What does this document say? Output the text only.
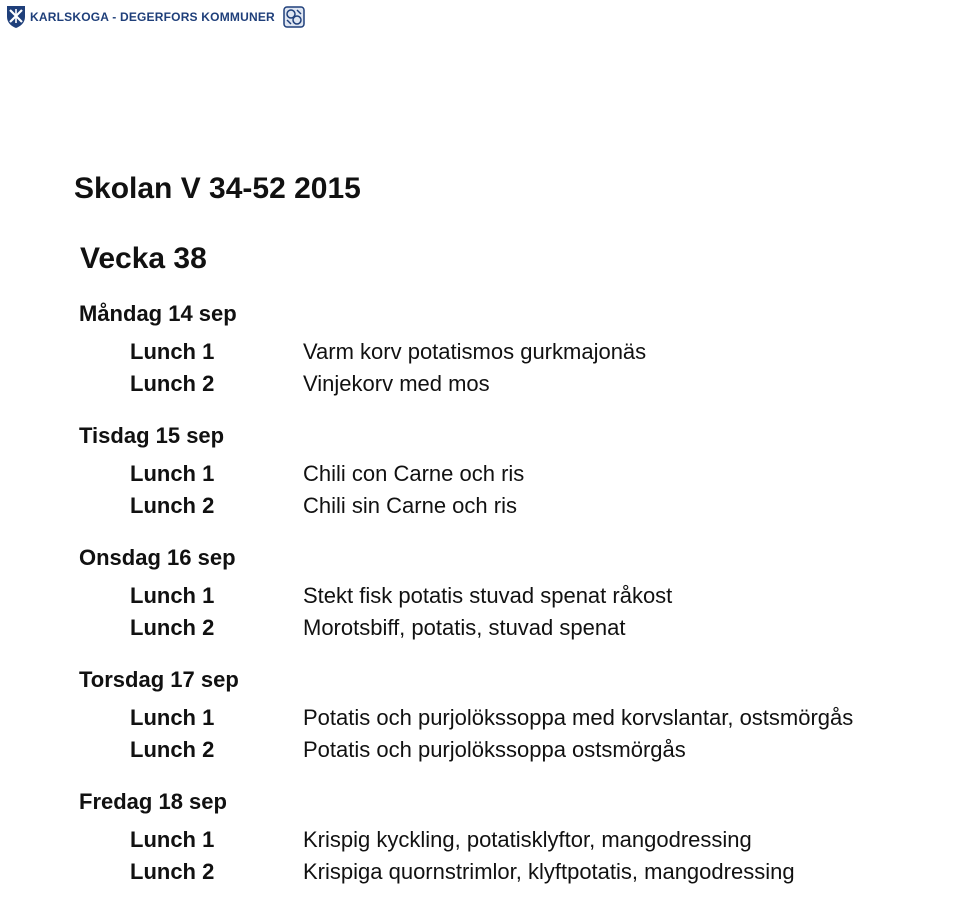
KARLSKOGA - DEGERFORS KOMMUNER
Skolan V 34-52 2015
Vecka 38
Måndag 14 sep
Lunch 1	Varm korv potatismos gurkmajonäs
Lunch 2	Vinjekorv med mos
Tisdag 15 sep
Lunch 1	Chili con Carne och ris
Lunch 2	Chili sin Carne och ris
Onsdag 16 sep
Lunch 1	Stekt fisk potatis stuvad spenat råkost
Lunch 2	Morotsbiff, potatis, stuvad spenat
Torsdag 17 sep
Lunch 1	Potatis och purjolökssoppa med korvslantar, ostsmörgås
Lunch 2	Potatis och purjolökssoppa ostsmörgås
Fredag 18 sep
Lunch 1	Krispig kyckling, potatisklyftor, mangodressing
Lunch 2	Krispiga quornstrimlor, klyftpotatis, mangodressing
